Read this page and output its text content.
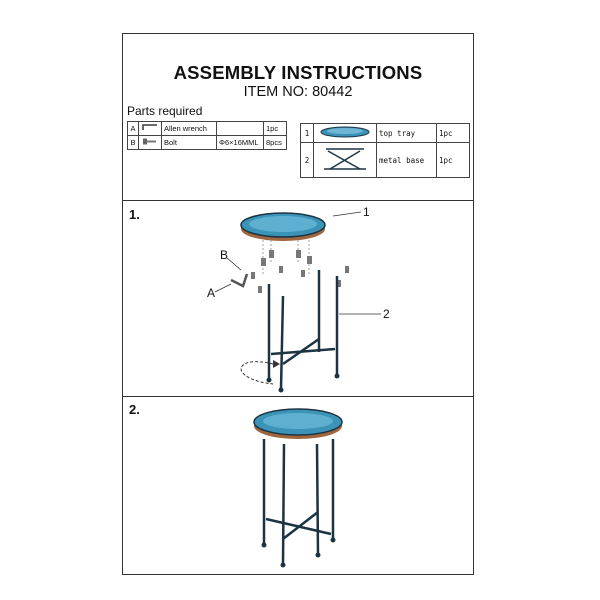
ASSEMBLY INSTRUCTIONS
ITEM NO: 80442
Parts required
A		Allen wrench		1pc
B		Bolt	Φ6×16MML	8pcs
1		top tray	1pc
2		metal base	1pc
1.	1
2
B
A
2.
